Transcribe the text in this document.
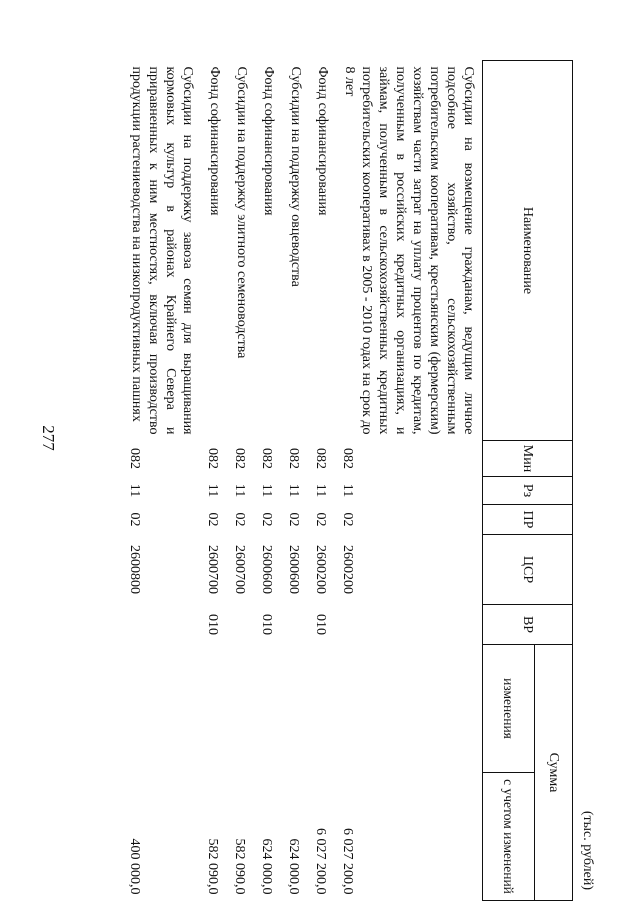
277
(тыс. рублей)
Наименование	Мин	Рз	ПР	ЦСР	ВР	Сумма	
						изменения	с учетом изменений
Субсидии на возмещение гражданам, ведущим личное подсобное хозяйство, сельскохозяйственным потребительским кооперативам, крестьянским (фермерским) хозяйствам части затрат на уплату процентов по кредитам, полученным в российских кредитных организациях, и займам, полученным в сельскохозяйственных кредитных потребительских кооперативах в 2005 - 2010 годах на срок до 8 лет	082	11	02	2600200			6 027 200,0
Фонд софинансирования	082	11	02	2600200	010		6 027 200,0
Субсидии на поддержку овцеводства	082	11	02	2600600			624 000,0
Фонд софинансирования	082	11	02	2600600	010		624 000,0
Субсидии на поддержку элитного семеноводства	082	11	02	2600700			582 090,0
Фонд софинансирования	082	11	02	2600700	010		582 090,0
Субсидии на поддержку завоза семян для выращивания кормовых культур в районах Крайнего Севера и приравненных к ним местностях, включая производство продукции растениеводства на низкопродуктивных пашнях	082	11	02	2600800			400 000,0
